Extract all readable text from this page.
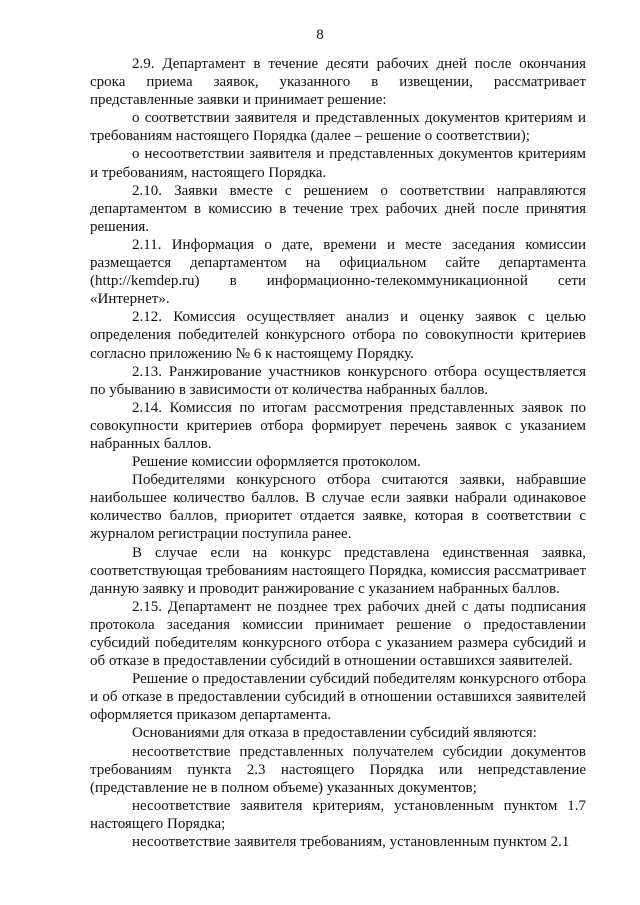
8

2.9. Департамент в течение десяти рабочих дней после окончания срока приема заявок, указанного в извещении, рассматривает представленные заявки и принимает решение:

о соответствии заявителя и представленных документов критериям и требованиям настоящего Порядка (далее – решение о соответствии);

о несоответствии заявителя и представленных документов критериям и требованиям, настоящего Порядка.

2.10. Заявки вместе с решением о соответствии направляются департаментом в комиссию в течение трех рабочих дней после принятия решения.

2.11. Информация о дате, времени и месте заседания комиссии размещается департаментом на официальном сайте департамента (http://kemdep.ru) в информационно-телекоммуникационной сети «Интернет».

2.12. Комиссия осуществляет анализ и оценку заявок с целью определения победителей конкурсного отбора по совокупности критериев согласно приложению № 6 к настоящему Порядку.

2.13. Ранжирование участников конкурсного отбора осуществляется по убыванию в зависимости от количества набранных баллов.

2.14. Комиссия по итогам рассмотрения представленных заявок по совокупности критериев отбора формирует перечень заявок с указанием набранных баллов.

Решение комиссии оформляется протоколом.

Победителями конкурсного отбора считаются заявки, набравшие наибольшее количество баллов. В случае если заявки набрали одинаковое количество баллов, приоритет отдается заявке, которая в соответствии с журналом регистрации поступила ранее.

В случае если на конкурс представлена единственная заявка, соответствующая требованиям настоящего Порядка, комиссия рассматривает данную заявку и проводит ранжирование с указанием набранных баллов.

2.15. Департамент не позднее трех рабочих дней с даты подписания протокола заседания комиссии принимает решение о предоставлении субсидий победителям конкурсного отбора с указанием размера субсидий и об отказе в предоставлении субсидий в отношении оставшихся заявителей.

Решение о предоставлении субсидий победителям конкурсного отбора и об отказе в предоставлении субсидий в отношении оставшихся заявителей оформляется приказом департамента.

Основаниями для отказа в предоставлении субсидий являются:

несоответствие представленных получателем субсидии документов требованиям пункта 2.3 настоящего Порядка или непредставление (представление не в полном объеме) указанных документов;

несоответствие заявителя критериям, установленным пунктом 1.7 настоящего Порядка;

несоответствие заявителя требованиям, установленным пунктом 2.1
